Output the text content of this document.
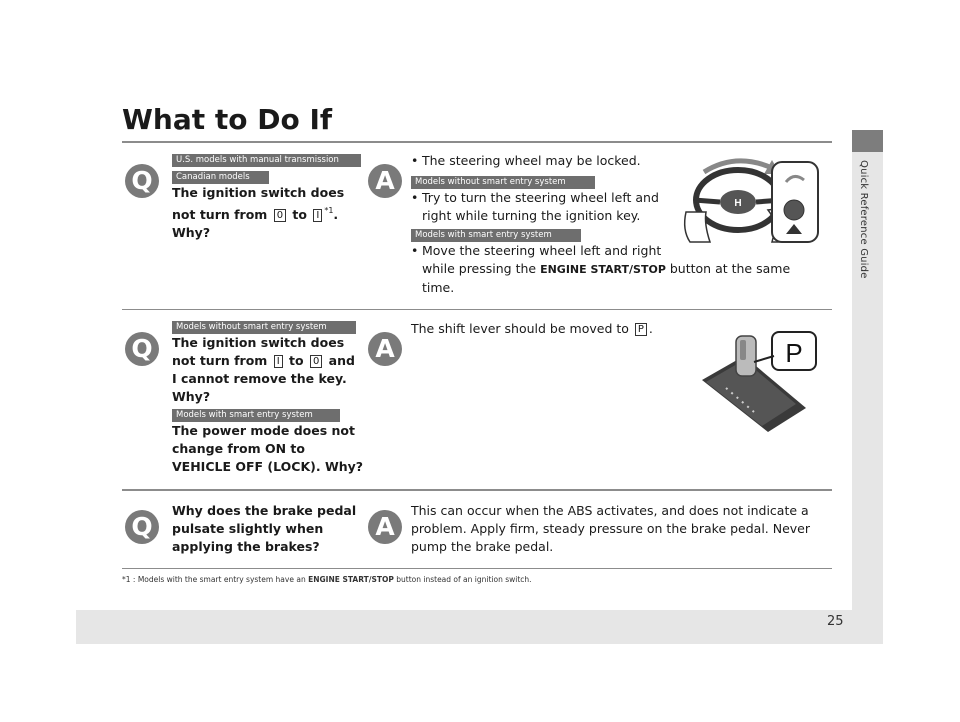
Quick Reference Guide
25
What to Do If
Q
U.S. models with manual transmission
Canadian models
The ignition switch does
not turn from 0 to I $^{*1}$.
Why?
A
• The steering wheel may be locked.
Models without smart entry system
• Try to turn the steering wheel left and
right while turning the ignition key.
Models with smart entry system
• Move the steering wheel left and right
while pressing the ENGINE START/STOP button at the same
time.
H
Q
Models without smart entry system
The ignition switch does
not turn from I to 0 and
I cannot remove the key.
Why?
Models with smart entry system
The power mode does not
change from ON to
VEHICLE OFF (LOCK). Why?
A
The shift lever should be moved to P .
P
Q
Why does the brake pedal
pulsate slightly when
applying the brakes?
A
This can occur when the ABS activates, and does not indicate a
problem. Apply firm, steady pressure on the brake pedal. Never
pump the brake pedal.
*1 : Models with the smart entry system have an ENGINE START/STOP button instead of an ignition switch.
